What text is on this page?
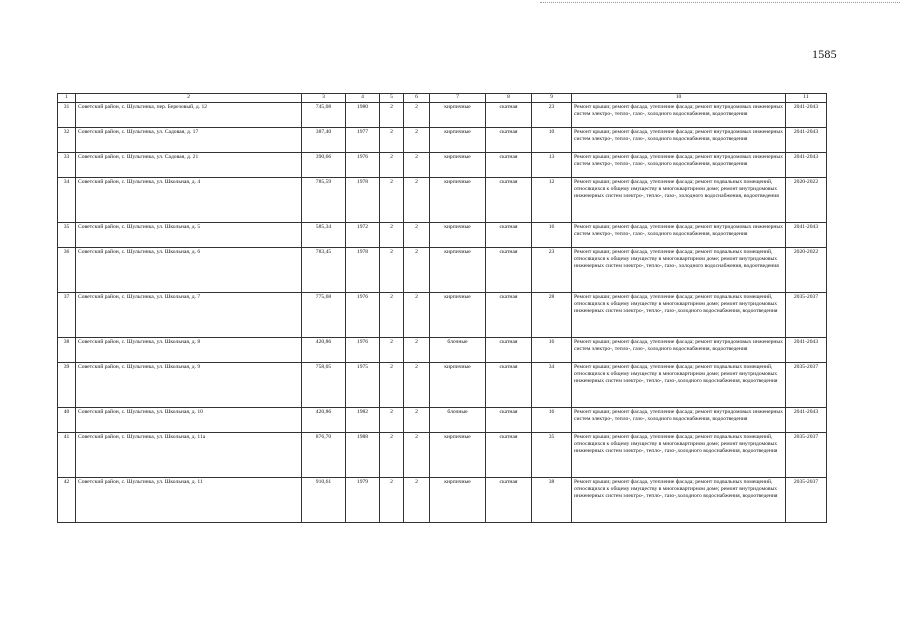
1585
1	2	3	4	5	6	7	8	9	10	11
31	Советский район, с. Шульгинка, пер. Березовый, д. 12	745,08	1980	2	2	кирпичные	скатная	23	Ремонт крыши; ремонт фасада, утепление фасада; ремонт внутридомовых инженерных систем электро-, тепло-, газо-, холодного водоснабжения, водоотведения	2041-2043
32	Советский район, с. Шульгинка, ул. Садовая, д. 17	387,40	1977	2	2	кирпичные	скатная	10	Ремонт крыши; ремонт фасада, утепление фасада; ремонт внутридомовых инженерных систем электро-, тепло-, газо-, холодного водоснабжения, водоотведения	2041-2043
33	Советский район, с. Шульгинка, ул. Садовая, д. 21	390,66	1976	2	2	кирпичные	скатная	13	Ремонт крыши; ремонт фасада, утепление фасада; ремонт внутридомовых инженерных систем электро-, тепло-, газо-, холодного водоснабжения, водоотведения	2041-2043
34	Советский район, с. Шульгинка, ул. Школьная, д. 4	785,59	1978	2	2	кирпичные	скатная	12	Ремонт крыши; ремонт фасада, утепление фасада; ремонт подвальных помещений, относящихся к общему имуществу в многоквартирном доме; ремонт внутридомовых инженерных систем электро-, тепло-, газо-, холодного водоснабжения, водоотведения	2020-2022
35	Советский район, с. Шульгинка, ул. Школьная, д. 5	585,34	1972	2	2	кирпичные	скатная	16	Ремонт крыши; ремонт фасада, утепление фасада; ремонт внутридомовых инженерных систем электро-, тепло-, газо-, холодного водоснабжения, водоотведения	2041-2043
36	Советский район, с. Шульгинка, ул. Школьная, д. 6	783,45	1978	2	2	кирпичные	скатная	23	Ремонт крыши; ремонт фасада, утепление фасада; ремонт подвальных помещений, относящихся к общему имуществу в многоквартирном доме; ремонт внутридомовых инженерных систем электро-, тепло-, газо-, холодного водоснабжения, водоотведения	2020-2022
37	Советский район, с. Шульгинка, ул. Школьная, д. 7	775,68	1976	2	2	кирпичные	скатная	28	Ремонт крыши; ремонт фасада, утепление фасада; ремонт подвальных помещений, относящихся к общему имуществу в многоквартирном доме; ремонт внутридомовых инженерных систем электро-, тепло-, газо-,холодного водоснабжения, водоотведения	2035-2037
38	Советский район, с. Шульгинка, ул. Школьная, д. 8	420,86	1976	2	2	блочные	скатная	16	Ремонт крыши; ремонт фасада, утепление фасада; ремонт внутридомовых инженерных систем электро-, тепло-, газо-, холодного водоснабжения, водоотведения	2041-2043
39	Советский район, с. Шульгинка, ул. Школьная, д. 9	758,05	1975	2	2	кирпичные	скатная	34	Ремонт крыши; ремонт фасада, утепление фасада; ремонт подвальных помещений, относящихся к общему имуществу в многоквартирном доме; ремонт внутридомовых инженерных систем электро-, тепло-, газо-,холодного водоснабжения, водоотведения	2035-2037
40	Советский район, с. Шульгинка, ул. Школьная, д. 10	420,86	1982	2	2	блочные	скатная	16	Ремонт крыши; ремонт фасада, утепление фасада; ремонт внутридомовых инженерных систем электро-, тепло-, газо-, холодного водоснабжения, водоотведения	2041-2043
41	Советский район, с. Шульгинка, ул. Школьная, д. 11а	876,70	1988	2	2	кирпичные	скатная	35	Ремонт крыши; ремонт фасада, утепление фасада; ремонт подвальных помещений, относящихся к общему имуществу в многоквартирном доме; ремонт внутридомовых инженерных систем электро-, тепло-, газо-,холодного водоснабжения, водоотведения	2035-2037
42	Советский район, с. Шульгинка, ул. Школьная, д. 11	910,61	1979	2	2	кирпичные	скатная	38	Ремонт крыши; ремонт фасада, утепление фасада; ремонт подвальных помещений, относящихся к общему имуществу в многоквартирном доме; ремонт внутридомовых инженерных систем электро-, тепло-, газо-,холодного водоснабжения, водоотведения	2035-2037
